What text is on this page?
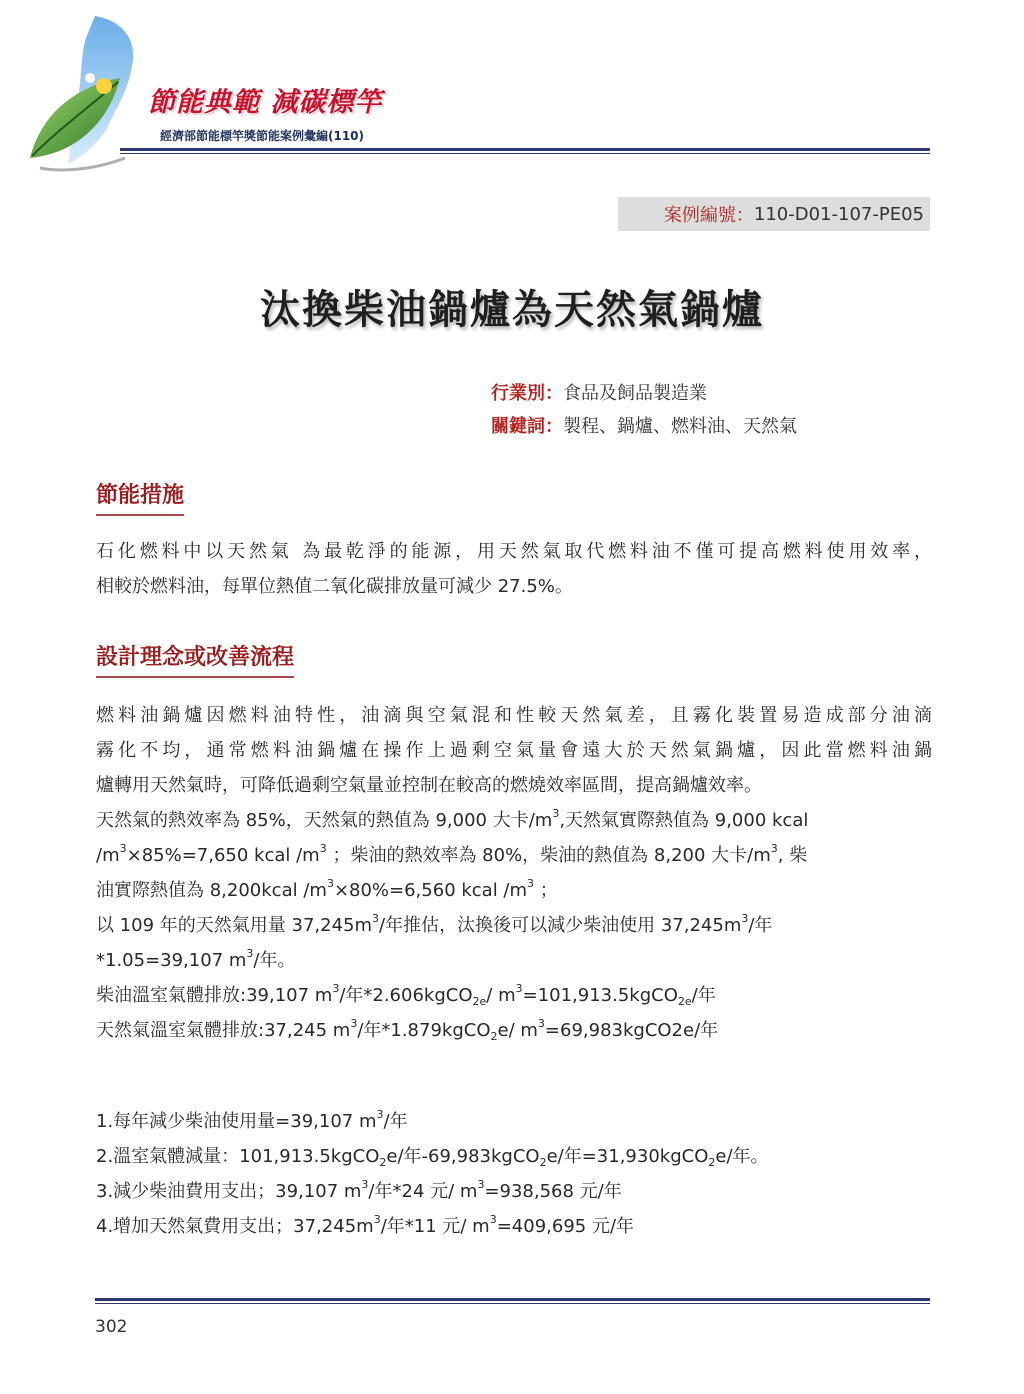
節能典範 減碳標竿
經濟部節能標竿獎節能案例彙編(110)
案例編號： 110-D01-107-PE05
汰換柴油鍋爐為天然氣鍋爐
行業別：食品及飼品製造業
關鍵詞：製程、鍋爐、燃料油、天然氣
節能措施
石化燃料中以天然氣 為最乾淨的能源，用天然氣取代燃料油不僅可提高燃料使用效率，
相較於燃料油，每單位熱值二氧化碳排放量可減少 27.5%。
設計理念或改善流程
燃料油鍋爐因燃料油特性，油滴與空氣混和性較天然氣差，且霧化裝置易造成部分油滴
霧化不均，通常燃料油鍋爐在操作上過剩空氣量會遠大於天然氣鍋爐，因此當燃料油鍋
爐轉用天然氣時，可降低過剩空氣量並控制在較高的燃燒效率區間，提高鍋爐效率。
天然氣的熱效率為 85%，天然氣的熱值為 9,000 大卡$/m^3$,天然氣實際熱值為 9,000 kcal
$/m^3\times 85\%=7,650$ kcal $/m^3$ ；柴油的熱效率為 80%，柴油的熱值為 8,200 大卡$/m^3$, 柴
油實際熱值為 8,200kcal $/m^3\times 80\%=6,560$ kcal $/m^3$ ；
以 109 年的天然氣用量 $37,245m^3/$年推估，汰換後可以減少柴油使用 $37,245m^3/$年
*1.05=39,107 $m^3/$年。
柴油溫室氣體排放:39,107 $m^3/$年*2.606kgCO$_{2e}$/ $m^3=101,913.5kgCO_{2e}/$年
天然氣溫室氣體排放:37,245 $m^3/$年*1.879kgCO$_2$e/ $m^3=69,983kgCO2e/$年
1.每年減少柴油使用量=39,107 $m^3/$年
2.溫室氣體減量：101,913.5kgCO$_2$e/年-69,983kgCO$_2$e/年=31,930kgCO$_2$e/年。
3.減少柴油費用支出；39,107 $m^3/$年*24 元/ $m^3=938,568$ 元/年
4.增加天然氣費用支出；$37,245m^3/$年*11 元/ $m^3=409,695$ 元/年
302
